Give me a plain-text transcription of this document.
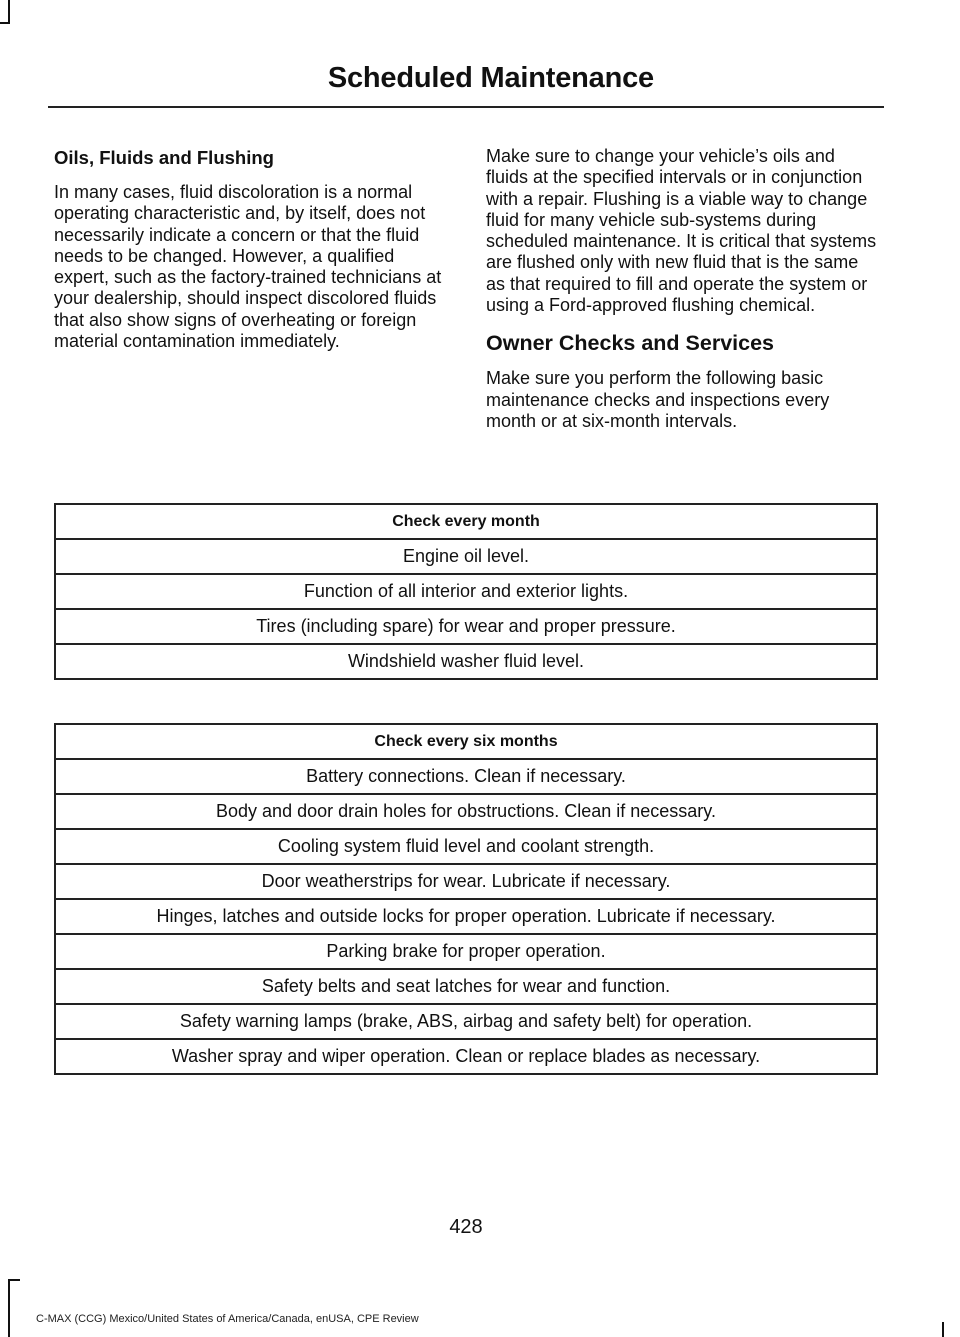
Scheduled Maintenance
Oils, Fluids and Flushing

In many cases, fluid discoloration is a normal operating characteristic and, by itself, does not necessarily indicate a concern or that the fluid needs to be changed. However, a qualified expert, such as the factory-trained technicians at your dealership, should inspect discolored fluids that also show signs of overheating or foreign material contamination immediately.

Make sure to change your vehicle’s oils and fluids at the specified intervals or in conjunction with a repair. Flushing is a viable way to change fluid for many vehicle sub-systems during scheduled maintenance. It is critical that systems are flushed only with new fluid that is the same as that required to fill and operate the system or using a Ford-approved flushing chemical.

Owner Checks and Services

Make sure you perform the following basic maintenance checks and inspections every month or at six-month intervals.

Check every month
Engine oil level.
Function of all interior and exterior lights.
Tires (including spare) for wear and proper pressure.
Windshield washer fluid level.
Check every six months
Battery connections. Clean if necessary.
Body and door drain holes for obstructions. Clean if necessary.
Cooling system fluid level and coolant strength.
Door weatherstrips for wear. Lubricate if necessary.
Hinges, latches and outside locks for proper operation. Lubricate if necessary.
Parking brake for proper operation.
Safety belts and seat latches for wear and function.
Safety warning lamps (brake, ABS, airbag and safety belt) for operation.
Washer spray and wiper operation. Clean or replace blades as necessary.

428

C-MAX (CCG) Mexico/United States of America/Canada, enUSA, CPE Review
